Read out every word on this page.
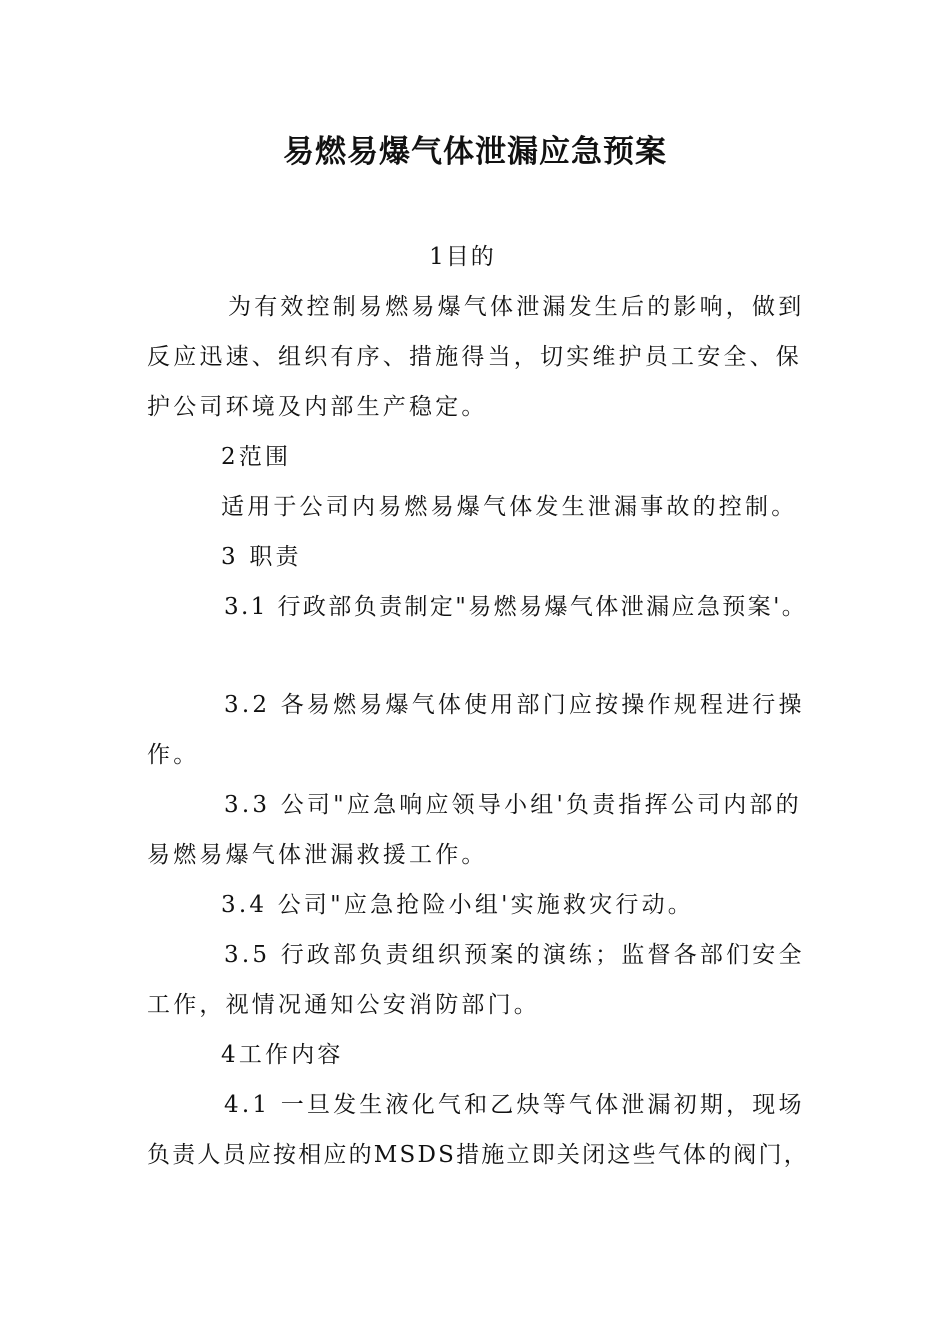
易燃易爆气体泄漏应急预案
1目的
为有效控制易燃易爆气体泄漏发生后的影响，做到
反应迅速、组织有序、措施得当，切实维护员工安全、保
护公司环境及内部生产稳定。
2范围
适用于公司内易燃易爆气体发生泄漏事故的控制。
3 职责
3.1 行政部负责制定"易燃易爆气体泄漏应急预案'。
3.2 各易燃易爆气体使用部门应按操作规程进行操
作。
3.3 公司"应急响应领导小组'负责指挥公司内部的
易燃易爆气体泄漏救援工作。
3.4 公司"应急抢险小组'实施救灾行动。
3.5 行政部负责组织预案的演练；监督各部们安全
工作，视情况通知公安消防部门。
4工作内容
4.1 一旦发生液化气和乙炔等气体泄漏初期，现场
负责人员应按相应的MSDS措施立即关闭这些气体的阀门，
